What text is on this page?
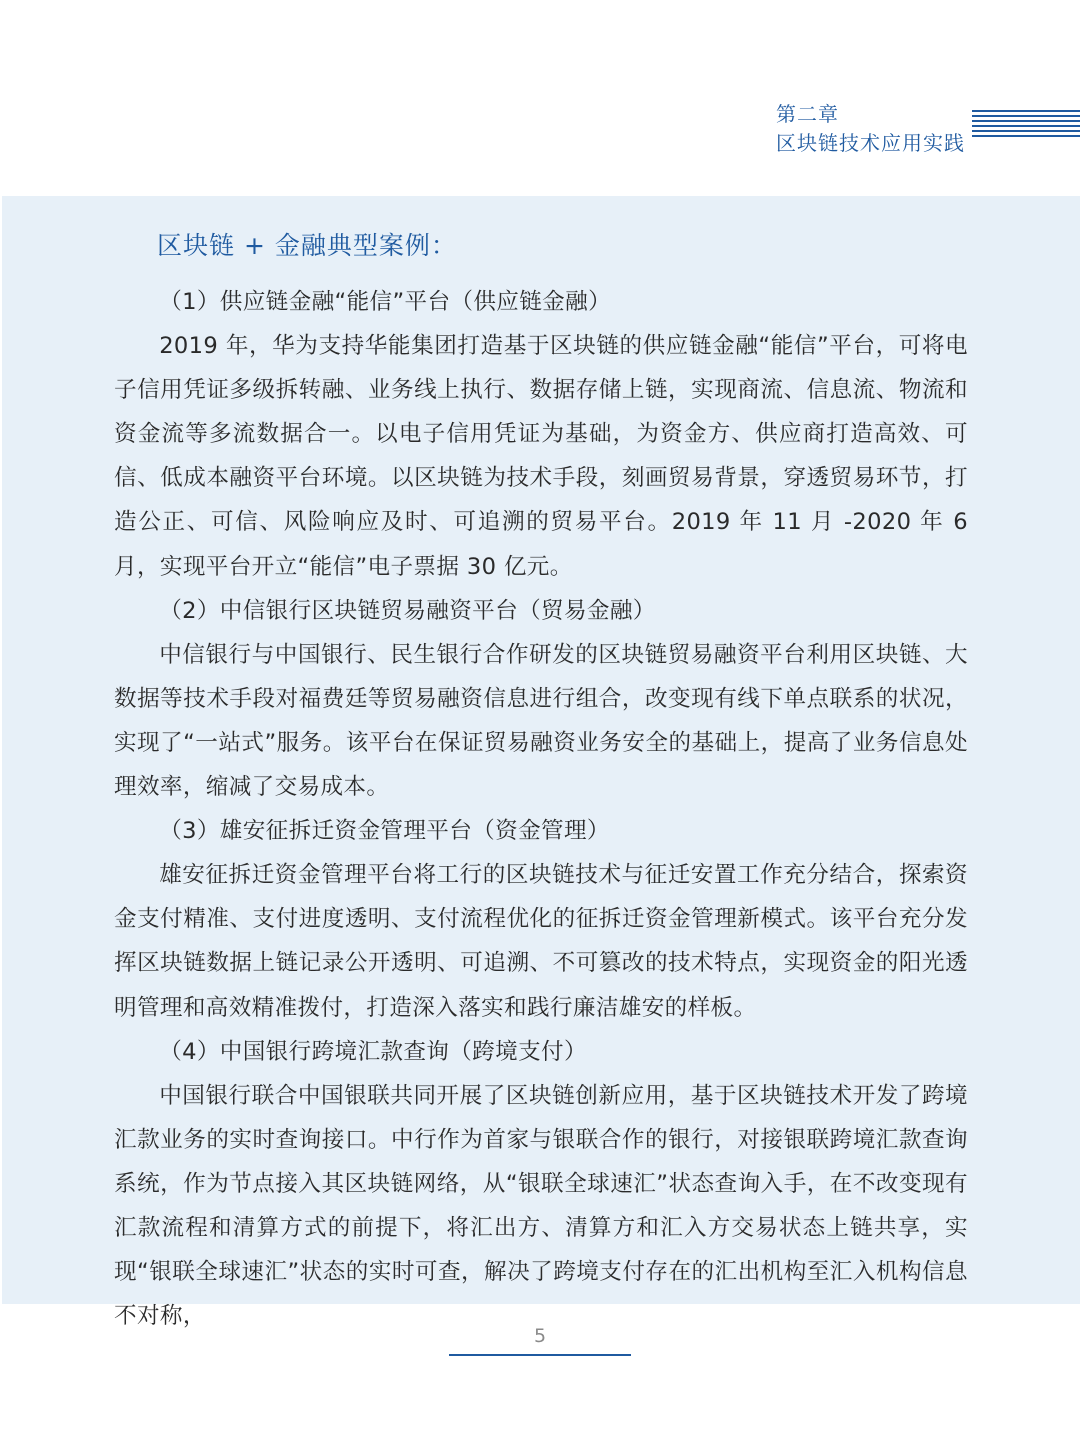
第二章
区块链技术应用实践
区块链 + 金融典型案例：

（1）供应链金融“能信”平台（供应链金融）

2019 年，华为支持华能集团打造基于区块链的供应链金融“能信”平台，可将电子信用凭证多级拆转融、业务线上执行、数据存储上链，实现商流、信息流、物流和资金流等多流数据合一。以电子信用凭证为基础，为资金方、供应商打造高效、可信、低成本融资平台环境。以区块链为技术手段，刻画贸易背景，穿透贸易环节，打造公正、可信、风险响应及时、可追溯的贸易平台。2019 年 11 月 -2020 年 6 月，实现平台开立“能信”电子票据 30 亿元。

（2）中信银行区块链贸易融资平台（贸易金融）

中信银行与中国银行、民生银行合作研发的区块链贸易融资平台利用区块链、大数据等技术手段对福费廷等贸易融资信息进行组合，改变现有线下单点联系的状况，实现了“一站式”服务。该平台在保证贸易融资业务安全的基础上，提高了业务信息处理效率，缩减了交易成本。

（3）雄安征拆迁资金管理平台（资金管理）

雄安征拆迁资金管理平台将工行的区块链技术与征迁安置工作充分结合，探索资金支付精准、支付进度透明、支付流程优化的征拆迁资金管理新模式。该平台充分发挥区块链数据上链记录公开透明、可追溯、不可篡改的技术特点，实现资金的阳光透明管理和高效精准拨付，打造深入落实和践行廉洁雄安的样板。

（4）中国银行跨境汇款查询（跨境支付）

中国银行联合中国银联共同开展了区块链创新应用，基于区块链技术开发了跨境汇款业务的实时查询接口。中行作为首家与银联合作的银行，对接银联跨境汇款查询系统，作为节点接入其区块链网络，从“银联全球速汇”状态查询入手，在不改变现有汇款流程和清算方式的前提下，将汇出方、清算方和汇入方交易状态上链共享，实现“银联全球速汇”状态的实时可查，解决了跨境支付存在的汇出机构至汇入机构信息不对称，

5
